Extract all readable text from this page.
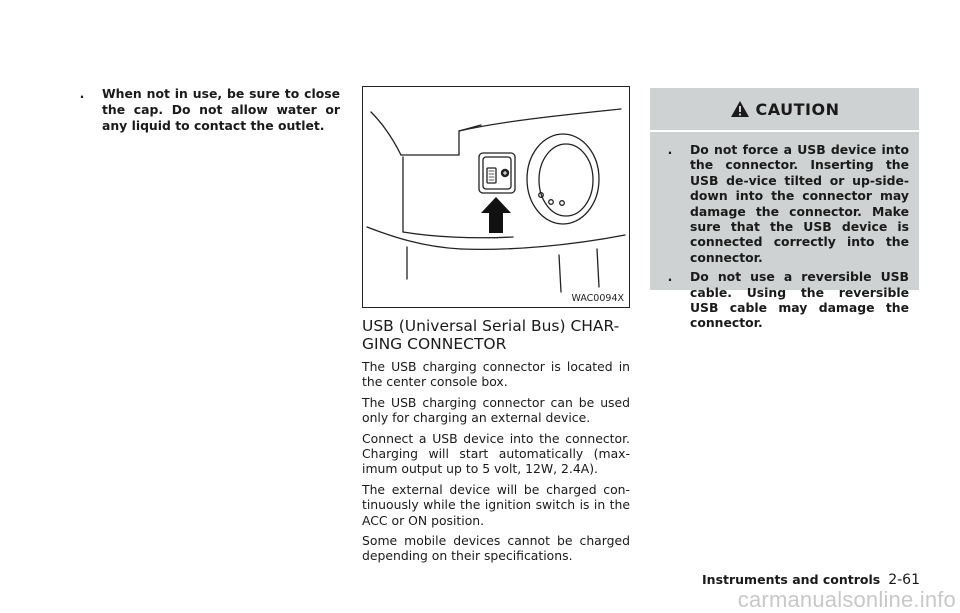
.	When not in use, be sure to close the cap. Do not allow water or any liquid to contact the outlet.
WAC0094X
USB (Universal Serial Bus) CHAR-GING CONNECTOR

The USB charging connector is located in the center console box.

The USB charging connector can be used only for charging an external device.

Connect a USB device into the connector. Charging will start automatically (max-imum output up to 5 volt, 12W, 2.4A).

The external device will be charged con-tinuously while the ignition switch is in the ACC or ON position.

Some mobile devices cannot be charged depending on their specifications.

CAUTION
.	Do not force a USB device into the connector. Inserting the USB de-vice tilted or up-side-down into the connector may damage the connector. Make sure that the USB device is connected correctly into the connector.
.	Do not use a reversible USB cable. Using the reversible USB cable may damage the connector.
Instruments and controls 2-61
carmanualsonline.info
